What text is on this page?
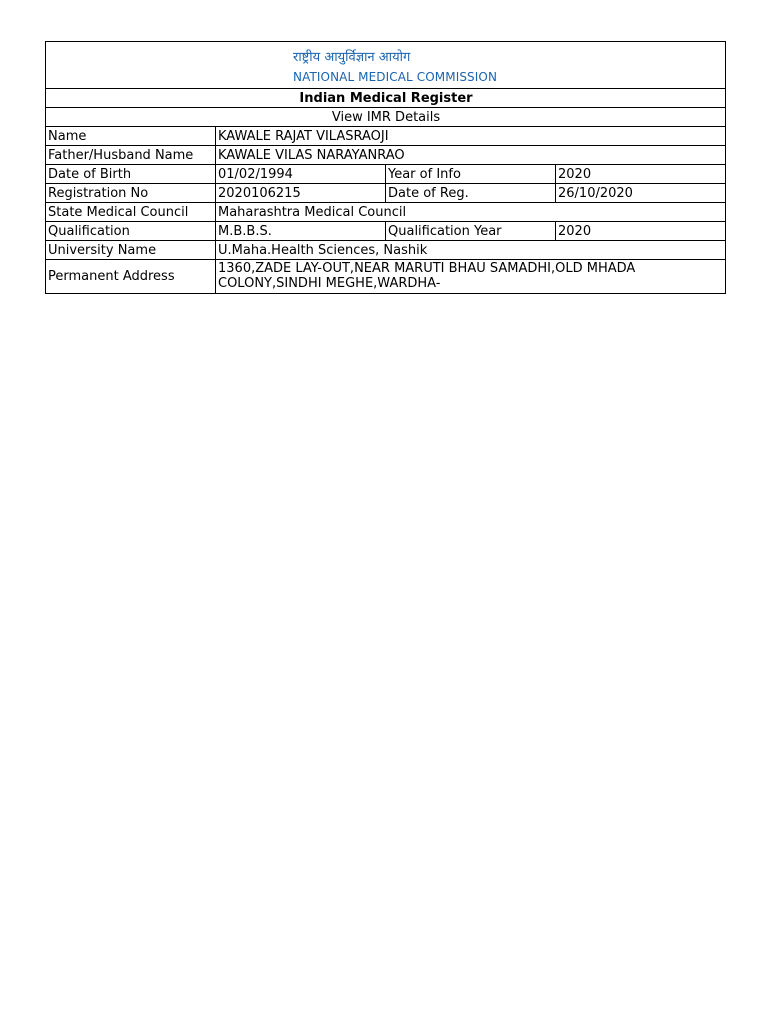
राष्ट्रीय आयुर्विज्ञान आयोग
NATIONAL MEDICAL COMMISSION			

Indian Medical Register			
View IMR Details			
Name	KAWALE RAJAT VILASRAOJI		
Father/Husband Name	KAWALE VILAS NARAYANRAO		
Date of Birth	01/02/1994	Year of Info	2020
Registration No	2020106215	Date of Reg.	26/10/2020
State Medical Council	Maharashtra Medical Council		
Qualification	M.B.B.S.	Qualification Year	2020
University Name	U.Maha.Health Sciences, Nashik		
Permanent Address	1360,ZADE LAY-OUT,NEAR MARUTI BHAU SAMADHI,OLD MHADA COLONY,SINDHI MEGHE,WARDHA-		
